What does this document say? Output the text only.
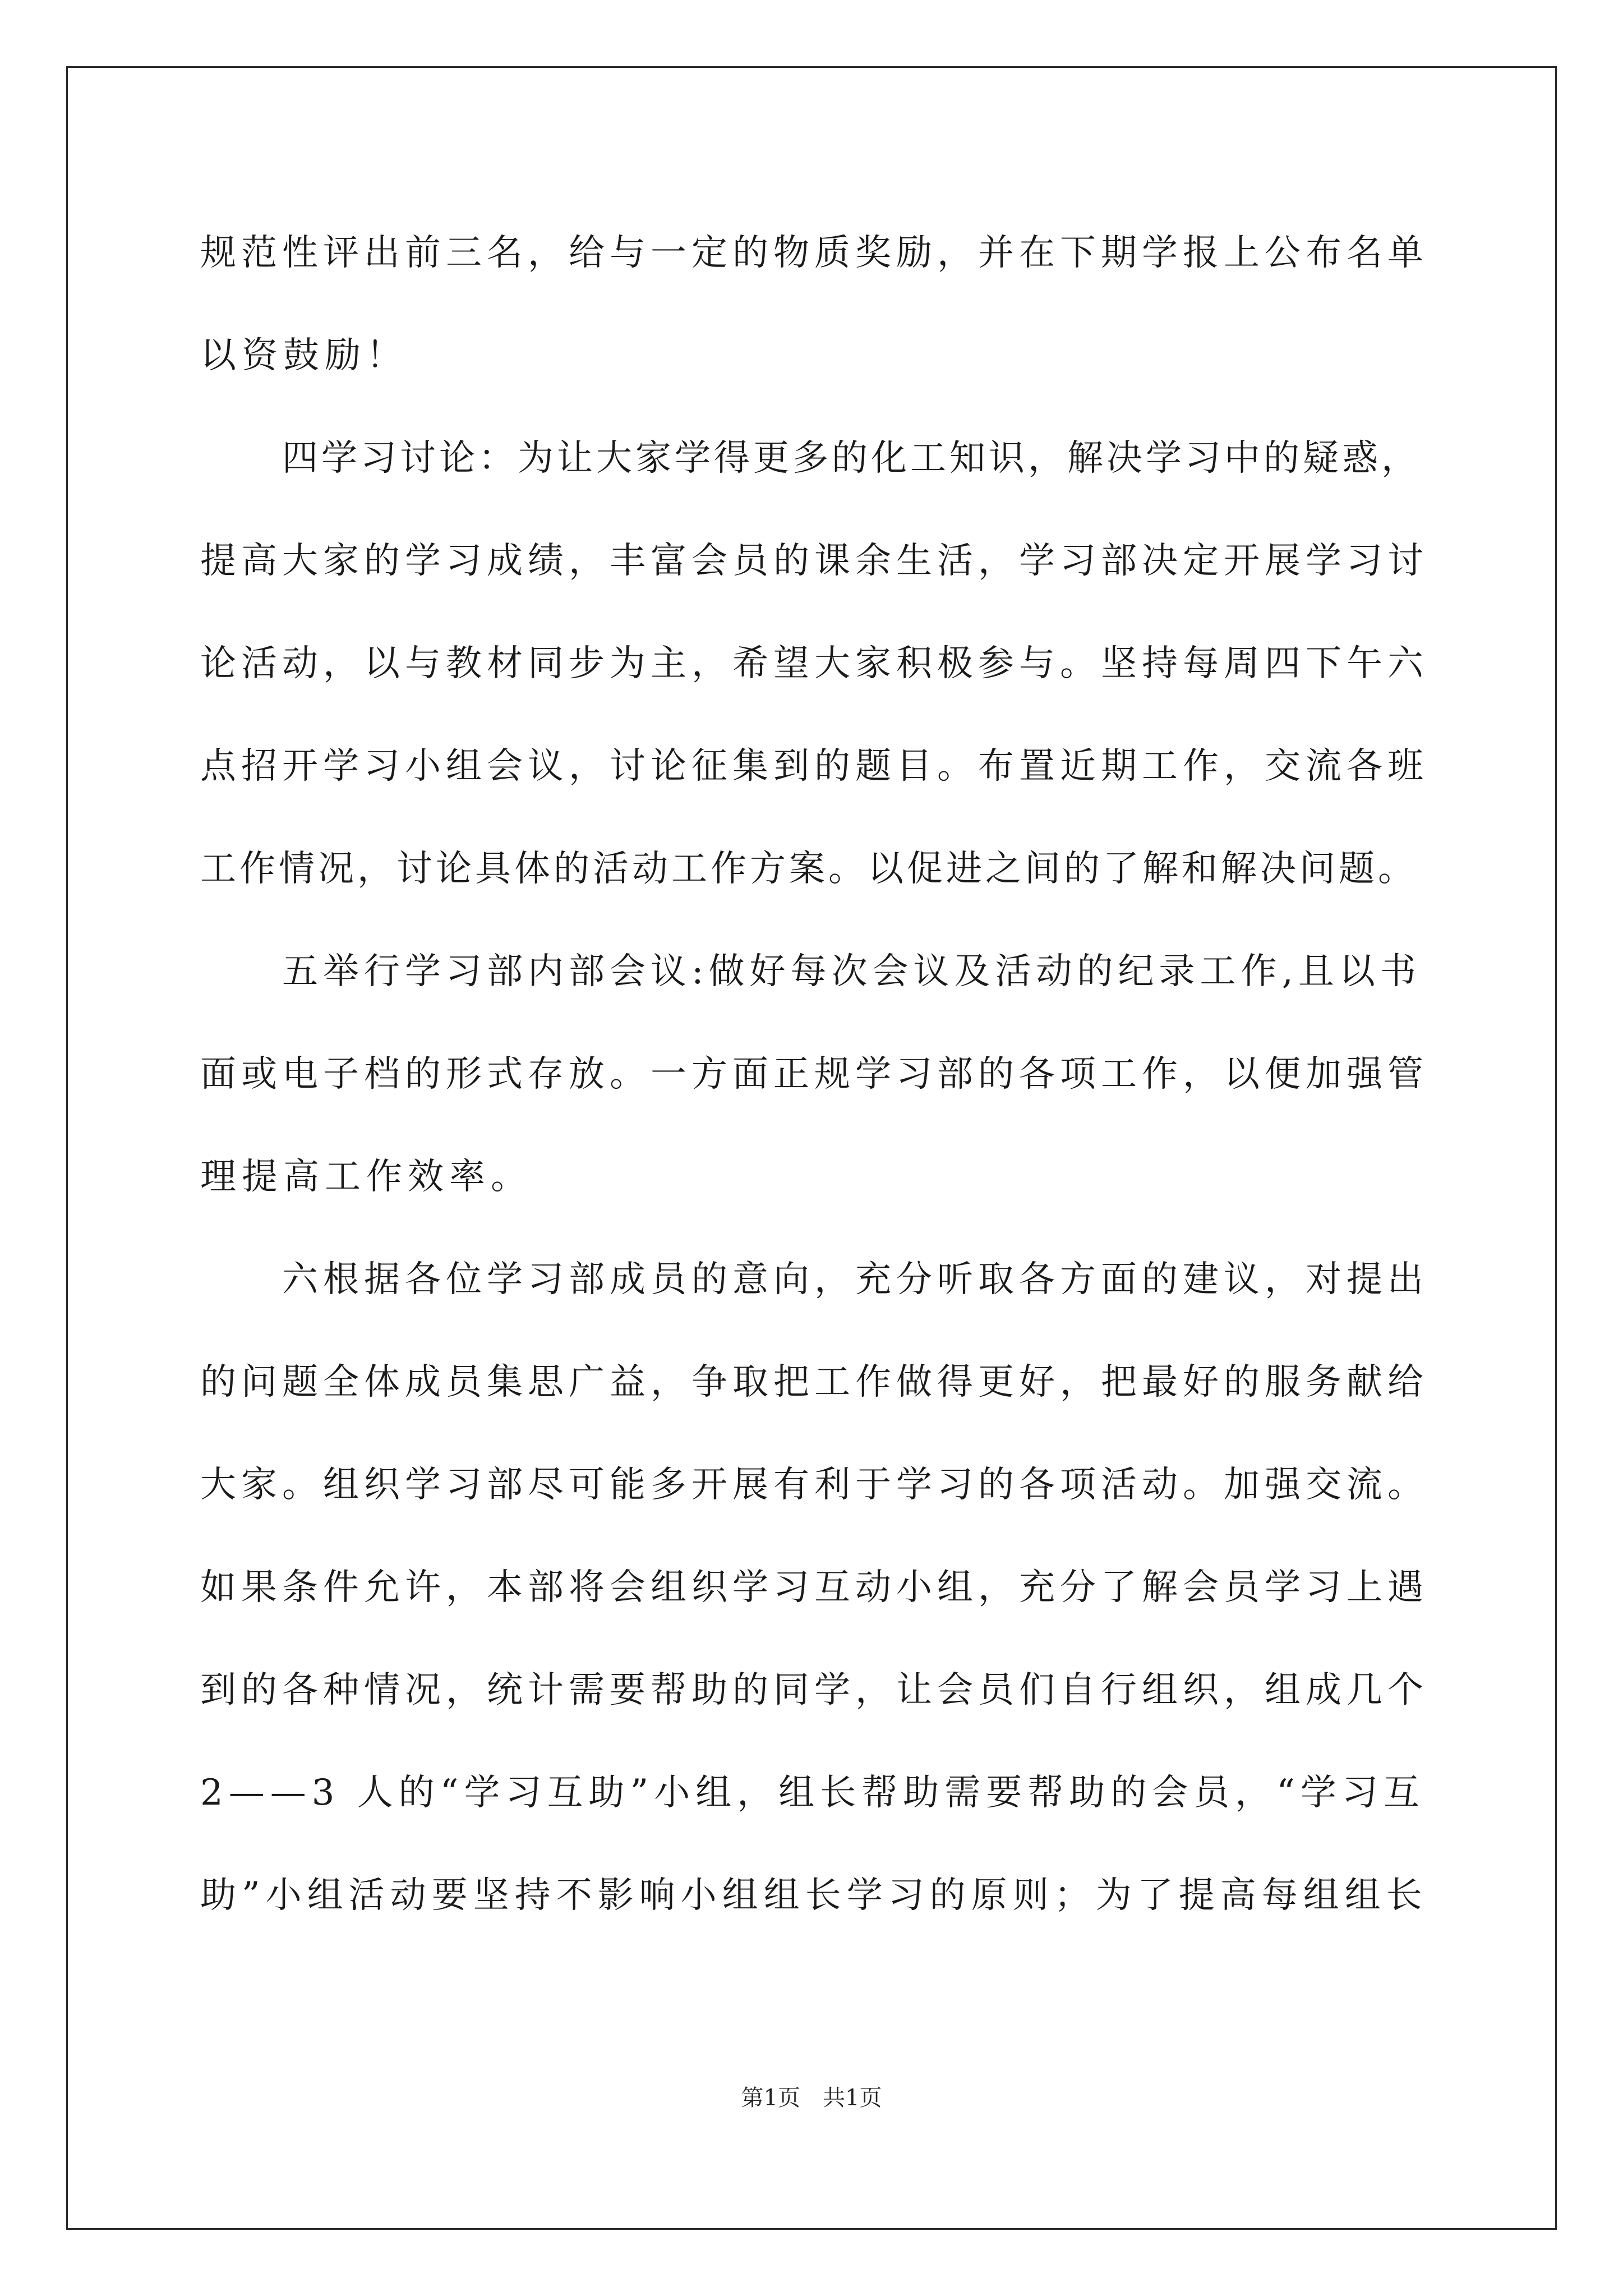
规范性评出前三名，给与一定的物质奖励，并在下期学报上公布名单
以资鼓励！
四学习讨论：为让大家学得更多的化工知识，解决学习中的疑惑，
提高大家的学习成绩，丰富会员的课余生活，学习部决定开展学习讨
论活动，以与教材同步为主，希望大家积极参与。坚持每周四下午六
点招开学习小组会议，讨论征集到的题目。布置近期工作，交流各班
工作情况，讨论具体的活动工作方案。以促进之间的了解和解决问题。
五举行学习部内部会议:做好每次会议及活动的纪录工作,且以书
面或电子档的形式存放。一方面正规学习部的各项工作，以便加强管
理提高工作效率。
六根据各位学习部成员的意向，充分听取各方面的建议，对提出
的问题全体成员集思广益，争取把工作做得更好，把最好的服务献给
大家。组织学习部尽可能多开展有利于学习的各项活动。加强交流。
如果条件允许，本部将会组织学习互动小组，充分了解会员学习上遇
到的各种情况，统计需要帮助的同学，让会员们自行组织，组成几个
2——3 人的“学习互助”小组，组长帮助需要帮助的会员，“学习互
助”小组活动要坚持不影响小组组长学习的原则；为了提高每组组长
第1页　共1页
